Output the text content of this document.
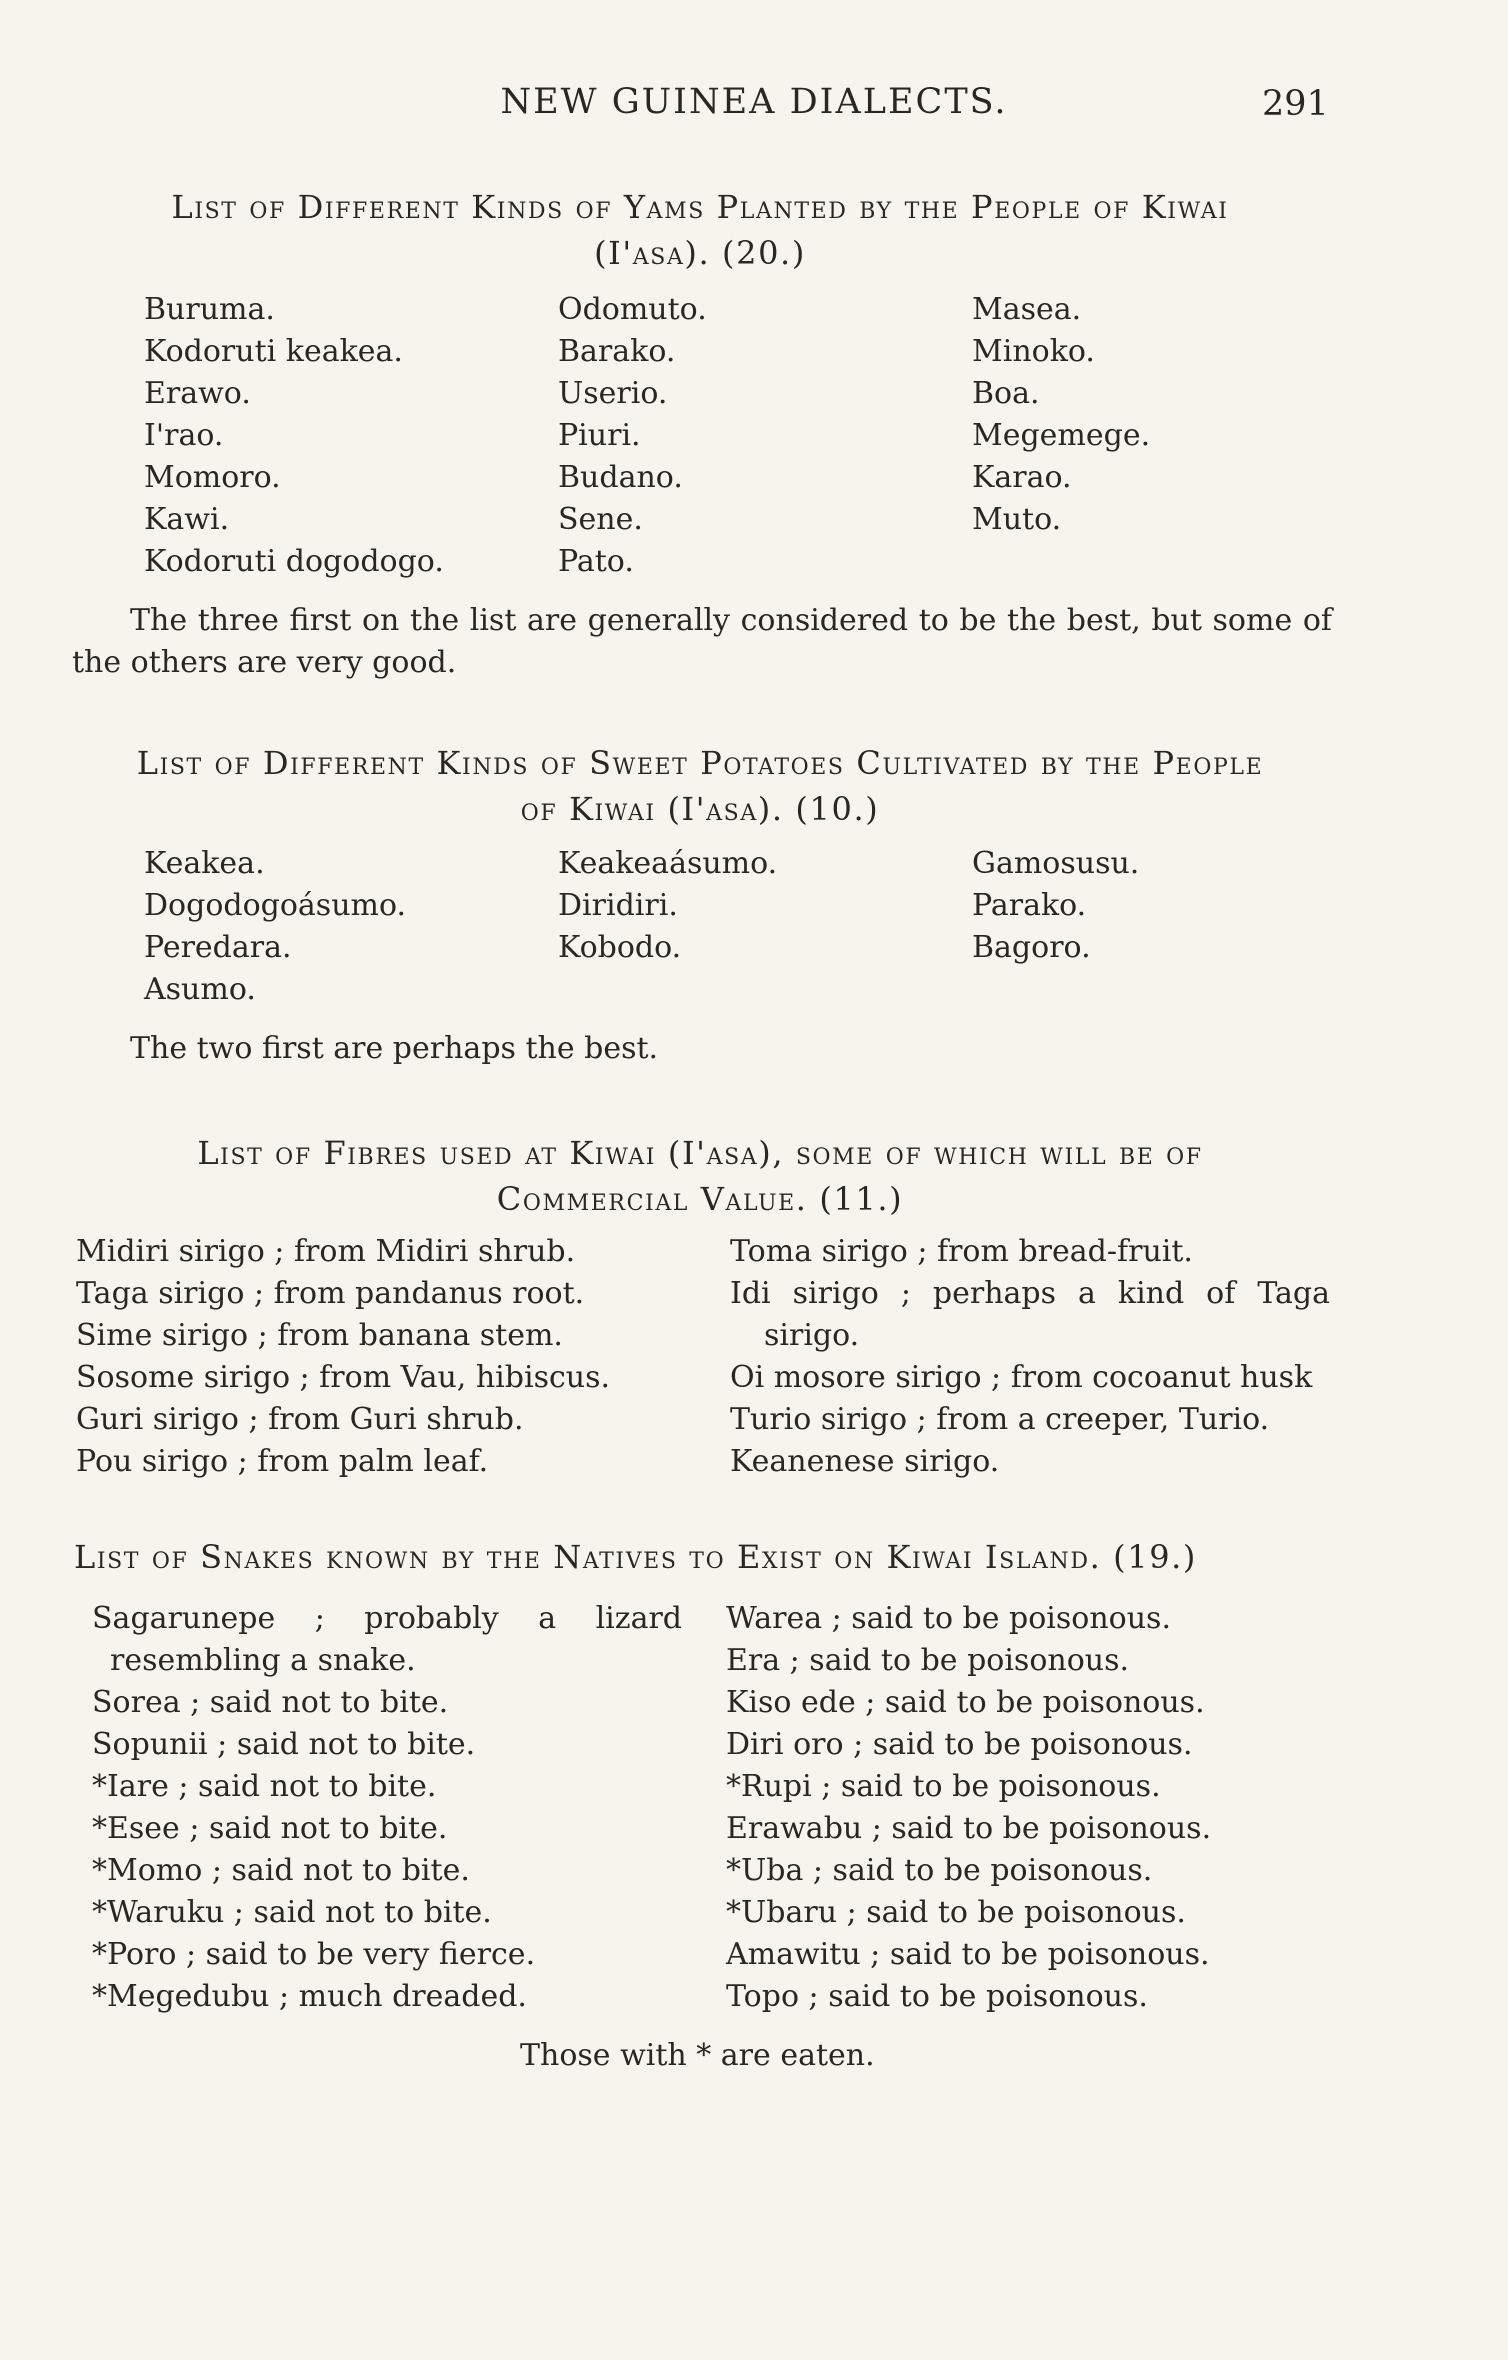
NEW GUINEA DIALECTS.	291
List of Different Kinds of Yams Planted by the People of Kiwai
(I'asa). (20.)
Buruma.
Kodoruti keakea.
Erawo.
I'rao.
Momoro.
Kawi.
Kodoruti dogodogo.
Odomuto.
Barako.
Userio.
Piuri.
Budano.
Sene.
Pato.
Masea.
Minoko.
Boa.
Megemege.
Karao.
Muto.
The three first on the list are generally considered to be the best, but some of the others are very good.
List of Different Kinds of Sweet Potatoes Cultivated by the People
of Kiwai (I'asa). (10.)
Keakea.
Dogodogoásumo.
Peredara.
Asumo.
Keakeaásumo.
Diridiri.
Kobodo.
Gamosusu.
Parako.
Bagoro.
The two first are perhaps the best.
List of Fibres used at Kiwai (I'asa), some of which will be of
Commercial Value. (11.)
Midiri sirigo ; from Midiri shrub.
Taga sirigo ; from pandanus root.
Sime sirigo ; from banana stem.
Sosome sirigo ; from Vau, hibiscus.
Guri sirigo ; from Guri shrub.
Pou sirigo ; from palm leaf.
Toma sirigo ; from bread-fruit.
Idi sirigo ; perhaps a kind of Taga sirigo.
Oi mosore sirigo ; from cocoanut husk
Turio sirigo ; from a creeper, Turio.
Keanenese sirigo.
List of Snakes known by the Natives to Exist on Kiwai Island. (19.)
Sagarunepe ; probably a lizard resembling a snake.
Sorea ; said not to bite.
Sopunii ; said not to bite.
*Iare ; said not to bite.
*Esee ; said not to bite.
*Momo ; said not to bite.
*Waruku ; said not to bite.
*Poro ; said to be very fierce.
*Megedubu ; much dreaded.
Warea ; said to be poisonous.
Era ; said to be poisonous.
Kiso ede ; said to be poisonous.
Diri oro ; said to be poisonous.
*Rupi ; said to be poisonous.
Erawabu ; said to be poisonous.
*Uba ; said to be poisonous.
*Ubaru ; said to be poisonous.
Amawitu ; said to be poisonous.
Topo ; said to be poisonous.
Those with * are eaten.
